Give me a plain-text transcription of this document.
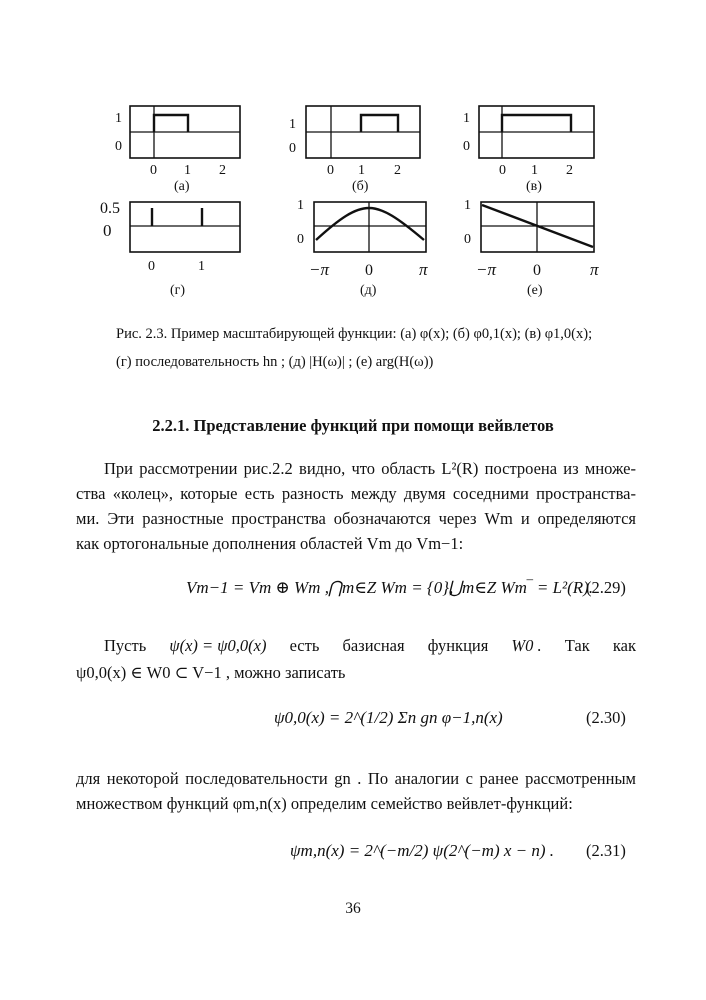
1
0
0 1 2
(а)
1
0
0 1 2
(б)
1
0
0 1 2
(в)
0.5
0
0	1
(г)
1
0
−π 0	π
(д)
1
0
−π 0	π
(е)
Рис. 2.3. Пример масштабирующей функции: (а) φ(x); (б) φ0,1(x); (в) φ1,0(x);
(г) последовательность hn ; (д) |H(ω)| ; (е) arg(H(ω))
2.2.1. Представление функций при помощи вейвлетов
При рассмотрении рис.2.2 видно, что область L²(R) построена из множе-
ства «колец», которые есть разность между двумя соседними пространства-
ми. Эти разностные пространства обозначаются через Wm и определяются
как ортогональные дополнения областей Vm до Vm−1:
Vm−1 = Vm ⊕ Wm , ⋂m∈Z Wm = {0},
⋃m∈Z Wm‾ = L²(R).
(2.29)
Пусть ψ(x) = ψ0,0(x) есть базисная функция W0 . Так как
ψ0,0(x) ∈ W0 ⊂ V−1 , можно записать
ψ0,0(x) = 2^(1/2) Σn gn φ−1,n(x)	(2.30)
для некоторой последовательности gn . По аналогии с ранее рассмотренным
множеством функций φm,n(x) определим семейство вейвлет-функций:
ψm,n(x) = 2^(−m/2) ψ(2^(−m) x − n) . (2.31)
36
